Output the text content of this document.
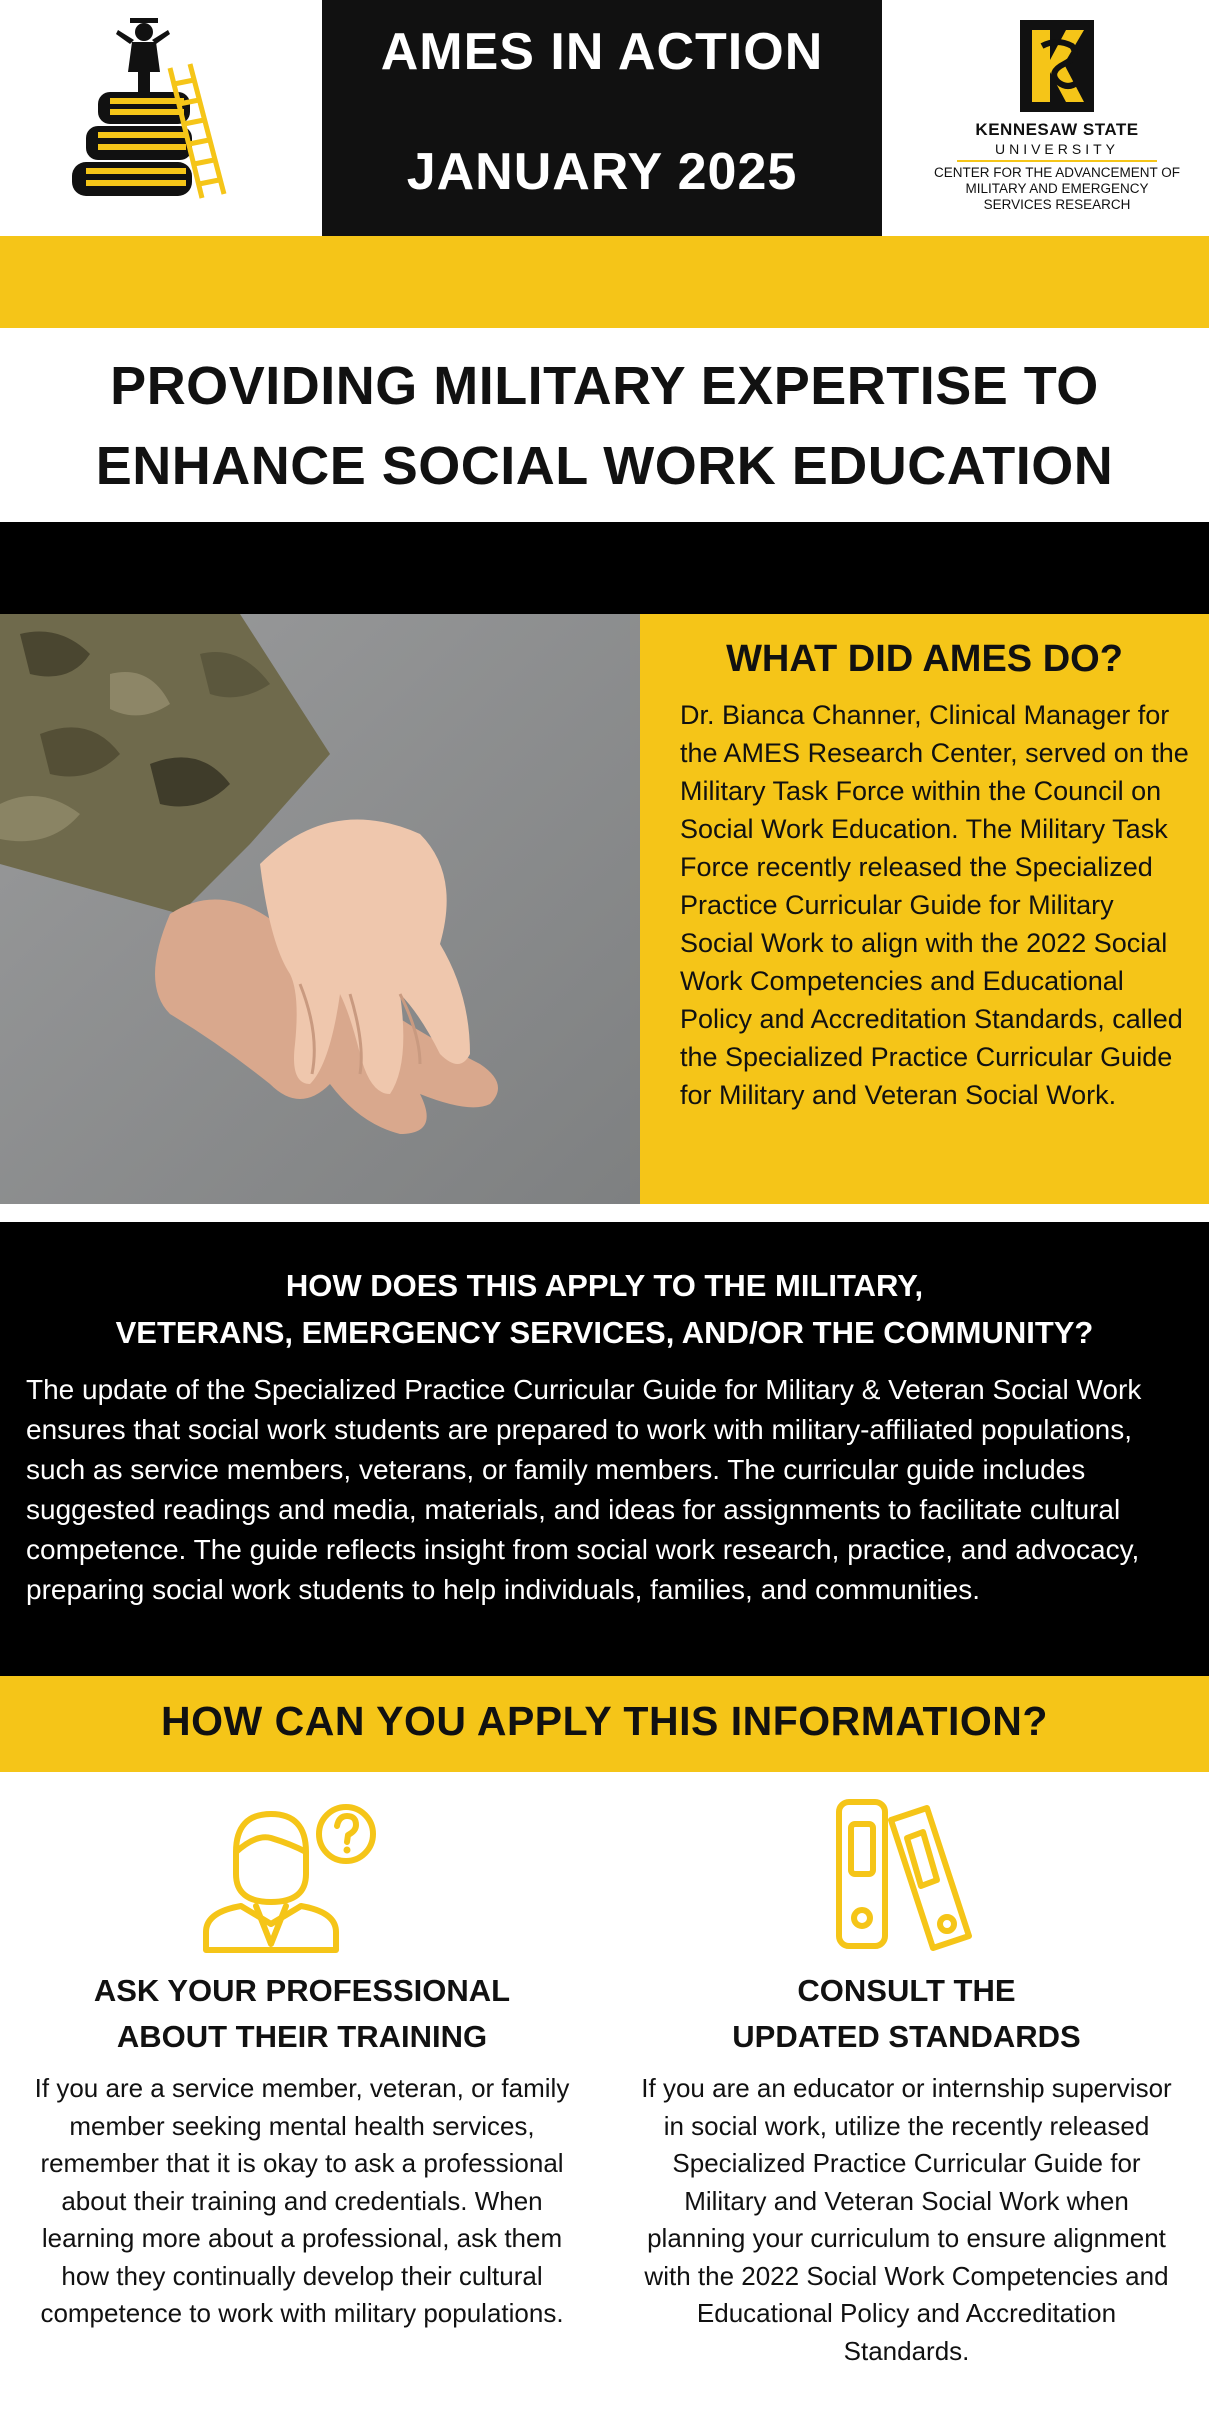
AMES IN ACTION
JANUARY 2025
KENNESAW STATE
UNIVERSITY
CENTER FOR THE ADVANCEMENT OF MILITARY AND EMERGENCY SERVICES RESEARCH
PROVIDING MILITARY EXPERTISE TO
ENHANCE SOCIAL WORK EDUCATION
WHAT DID AMES DO?

Dr. Bianca Channer, Clinical Manager for the AMES Research Center, served on the Military Task Force within the Council on Social Work Education. The Military Task Force recently released the Specialized Practice Curricular Guide for Military Social Work to align with the 2022 Social Work Competencies and Educational Policy and Accreditation Standards, called the Specialized Practice Curricular Guide for Military and Veteran Social Work.

HOW DOES THIS APPLY TO THE MILITARY,
VETERANS, EMERGENCY SERVICES, AND/OR THE COMMUNITY?

The update of the Specialized Practice Curricular Guide for Military & Veteran Social Work ensures that social work students are prepared to work with military-affiliated populations, such as service members, veterans, or family members. The curricular guide includes suggested readings and media, materials, and ideas for assignments to facilitate cultural competence. The guide reflects insight from social work research, practice, and advocacy, preparing social work students to help individuals, families, and communities.

HOW CAN YOU APPLY THIS INFORMATION?
ASK YOUR PROFESSIONAL
ABOUT THEIR TRAINING

If you are a service member, veteran, or family member seeking mental health services, remember that it is okay to ask a professional about their training and credentials. When learning more about a professional, ask them how they continually develop their cultural competence to work with military populations.

CONSULT THE
UPDATED STANDARDS

If you are an educator or internship supervisor in social work, utilize the recently released Specialized Practice Curricular Guide for Military and Veteran Social Work when planning your curriculum to ensure alignment with the 2022 Social Work Competencies and Educational Policy and Accreditation Standards.
